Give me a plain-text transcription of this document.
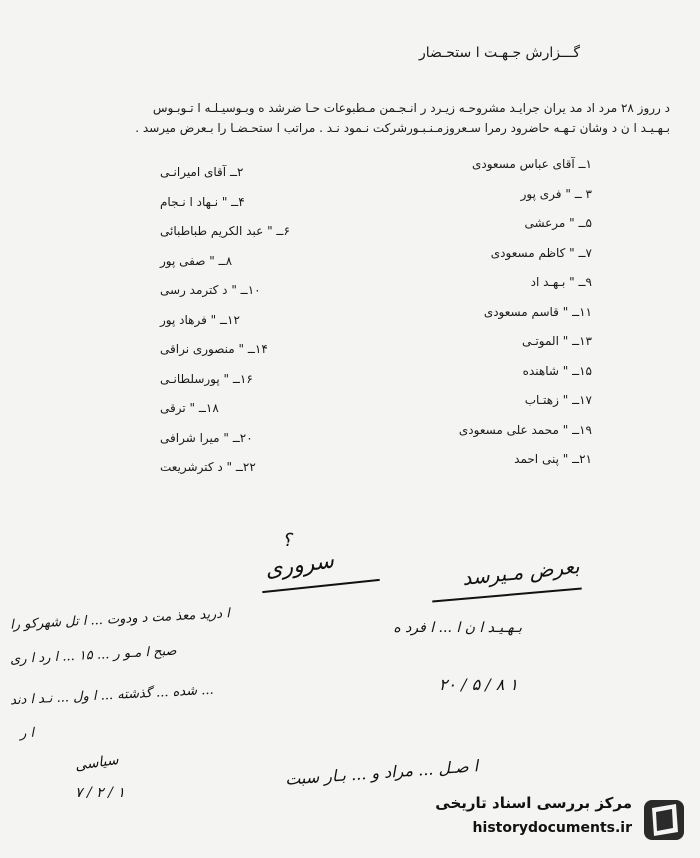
گـــزارش جـهـت ا ستحـضار
د رروز ۲۸ مرد اد مد یران جرایـد مشروحـه زیـرد ر انـجـمن مـطبوعات حـا ضرشد ه وبـوسیـلـه ا تـوبـوس
بـهـیـد ا ن د وشان تـهـه حاضرود رمرا سـعروزمـنـبـورشرکت نـمود نـد . مراتب ا ستحـضـا را بـعرض میرسد .
۱ــ آقای عباس مسعودی
۳ ــ " فری پور
۵ــ " مرعشی
۷ــ " کاظم مسعودی
۹ــ " بـهـد اد
۱۱ــ " قاسم مسعودی
۱۳ــ " الموتـی
۱۵ــ " شاهنده
۱۷ــ " زهتـاب
۱۹ــ " محمد علی مسعودی
۲۱ــ " پنی احمد
۲ــ آقای امیرانـی
۴ــ " نـهاد ا نـجام
۶ــ " عبد الکریم طباطبائی
۸ــ " صفی پور
۱۰ــ " د کترمد رسی
۱۲ــ " فرهاد پور
۱۴ــ " منصوری نراقی
۱۶ــ " پورسلطانـی
۱۸ــ " ترقی
۲۰ــ " میرا شرافی
۲۲ــ " د کترشریعت
؟
سروری
ا درید معذ مت د ودوت ... ا تل شهرکو را
صبح ا مـو ر ... ۱۵ ... ا رد ا ری
... شده ... گذشته ... ا ول ... نـد ا دند
ا ر
بعرض مـیرسد
بـهـیـد ا ن ا ... ا فرد ه
۱ ۸ / ۵ / ۲۰
سیاسی
۱ / ۲ / ۷
ا صـل ... مراد و ... بـار سبت
مرکز بررسی اسناد تاریخی
historydocuments.ir
